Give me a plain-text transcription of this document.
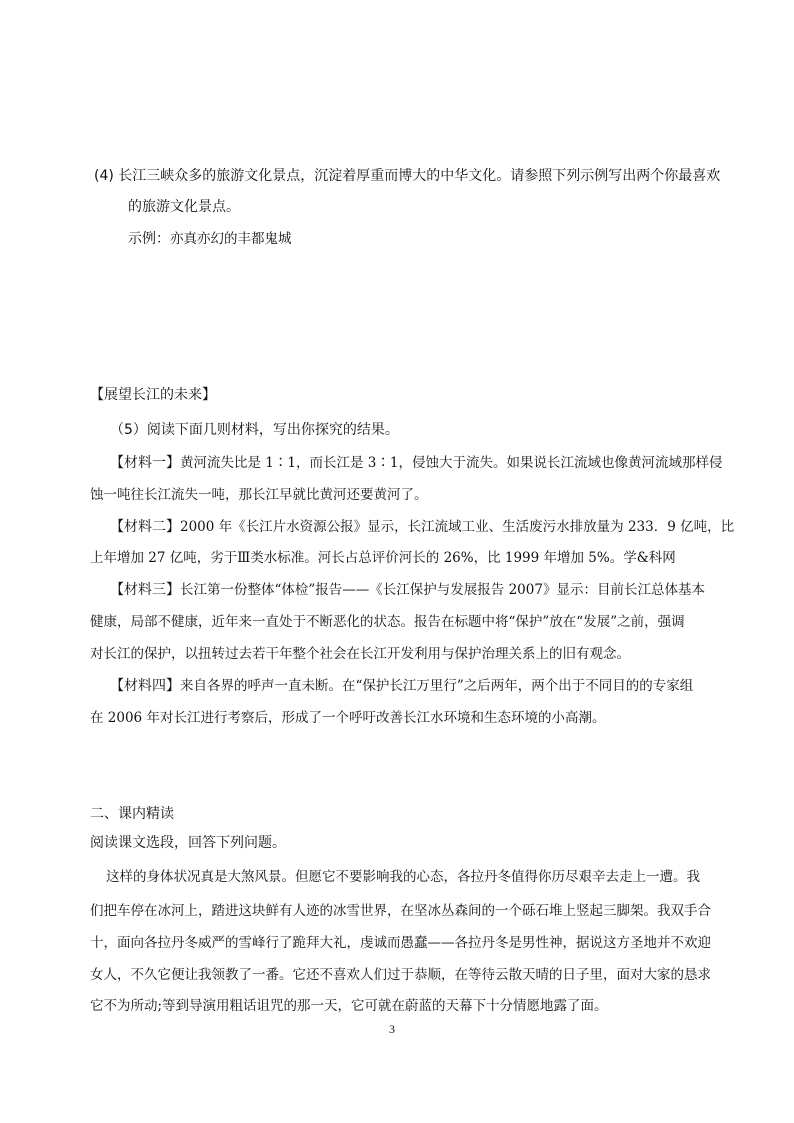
(4) 长江三峡众多的旅游文化景点，沉淀着厚重而博大的中华文化。请参照下列示例写出两个你最喜欢
的旅游文化景点。
示例：亦真亦幻的丰都鬼城
【展望长江的未来】
（5）阅读下面几则材料，写出你探究的结果。
【材料一】黄河流失比是 1∶1，而长江是 3∶1，侵蚀大于流失。如果说长江流域也像黄河流域那样侵
蚀一吨往长江流失一吨，那长江早就比黄河还要黄河了。
【材料二】2000 年《长江片水资源公报》显示，长江流域工业、生活废污水排放量为 233．9 亿吨，比
上年增加 27 亿吨，劣于Ⅲ类水标准。河长占总评价河长的 26%，比 1999 年增加 5%。学&科网
【材料三】长江第一份整体“体检”报告——《长江保护与发展报告 2007》显示：目前长江总体基本
健康，局部不健康，近年来一直处于不断恶化的状态。报告在标题中将“保护”放在“发展”之前，强调
对长江的保护，以扭转过去若干年整个社会在长江开发利用与保护治理关系上的旧有观念。
【材料四】来自各界的呼声一直未断。在“保护长江万里行”之后两年，两个出于不同目的的专家组
在 2006 年对长江进行考察后，形成了一个呼吁改善长江水环境和生态环境的小高潮。
二、课内精读
阅读课文选段，回答下列问题。
这样的身体状况真是大煞风景。但愿它不要影响我的心态，各拉丹冬值得你历尽艰辛去走上一遭。我
们把车停在冰河上，踏进这块鲜有人迹的冰雪世界，在坚冰丛森间的一个砾石堆上竖起三脚架。我双手合
十，面向各拉丹冬威严的雪峰行了跪拜大礼，虔诚而愚蠢——各拉丹冬是男性神，据说这方圣地并不欢迎
女人，不久它便让我领教了一番。它还不喜欢人们过于恭顺，在等待云散天晴的日子里，面对大家的恳求
它不为所动;等到导演用粗话诅咒的那一天，它可就在蔚蓝的天幕下十分情愿地露了面。
3
